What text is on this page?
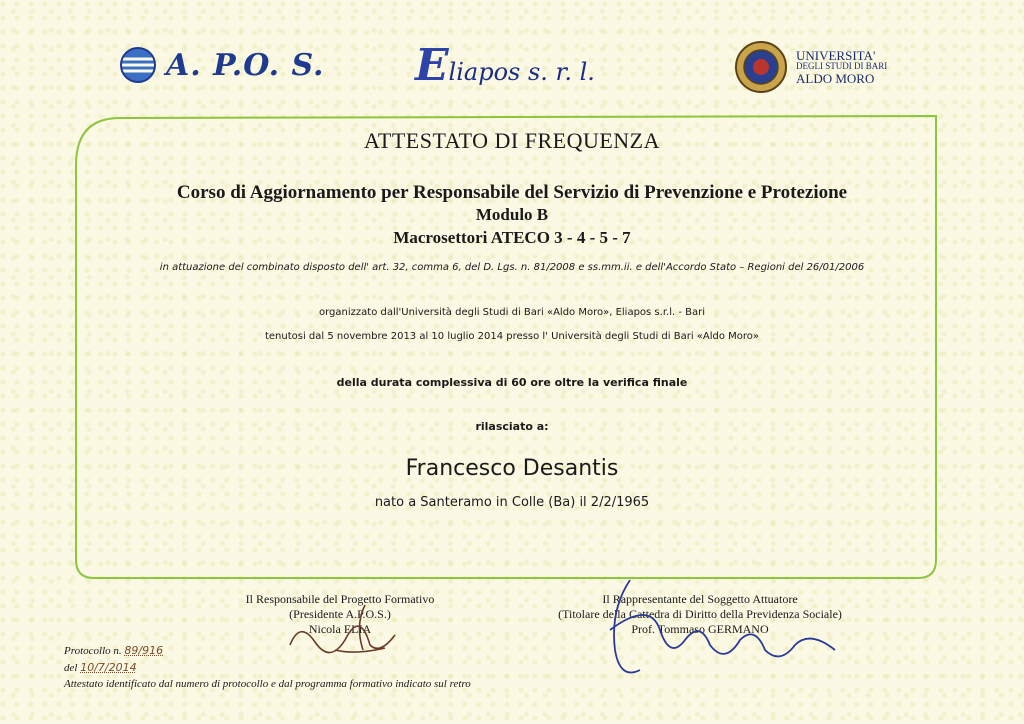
A. P.O. S. Eliapos s. r. l.
UNIVERSITA'
DEGLI STUDI DI BARI
ALDO MORO
ATTESTATO DI FREQUENZA
Corso di Aggiornamento per Responsabile del Servizio di Prevenzione e Protezione
Modulo B
Macrosettori ATECO 3 - 4 - 5 - 7
in attuazione del combinato disposto dell' art. 32, comma 6, del D. Lgs. n. 81/2008 e ss.mm.ii. e dell'Accordo Stato – Regioni del 26/01/2006
organizzato dall'Università degli Studi di Bari «Aldo Moro», Eliapos s.r.l. - Bari
tenutosi dal 5 novembre 2013 al 10 luglio 2014 presso l' Università degli Studi di Bari «Aldo Moro»
della durata complessiva di 60 ore oltre la verifica finale
rilasciato a:
Francesco Desantis
nato a Santeramo in Colle (Ba) il 2/2/1965
Il Responsabile del Progetto Formativo
(Presidente A.P.O.S.)
Nicola ELIA
Il Rappresentante del Soggetto Attuatore
(Titolare della Cattedra di Diritto della Previdenza Sociale)
Prof. Tommaso GERMANO
Protocollo n. 89/916
del 10/7/2014
Attestato identificato dal numero di protocollo e dal programma formativo indicato sul retro
